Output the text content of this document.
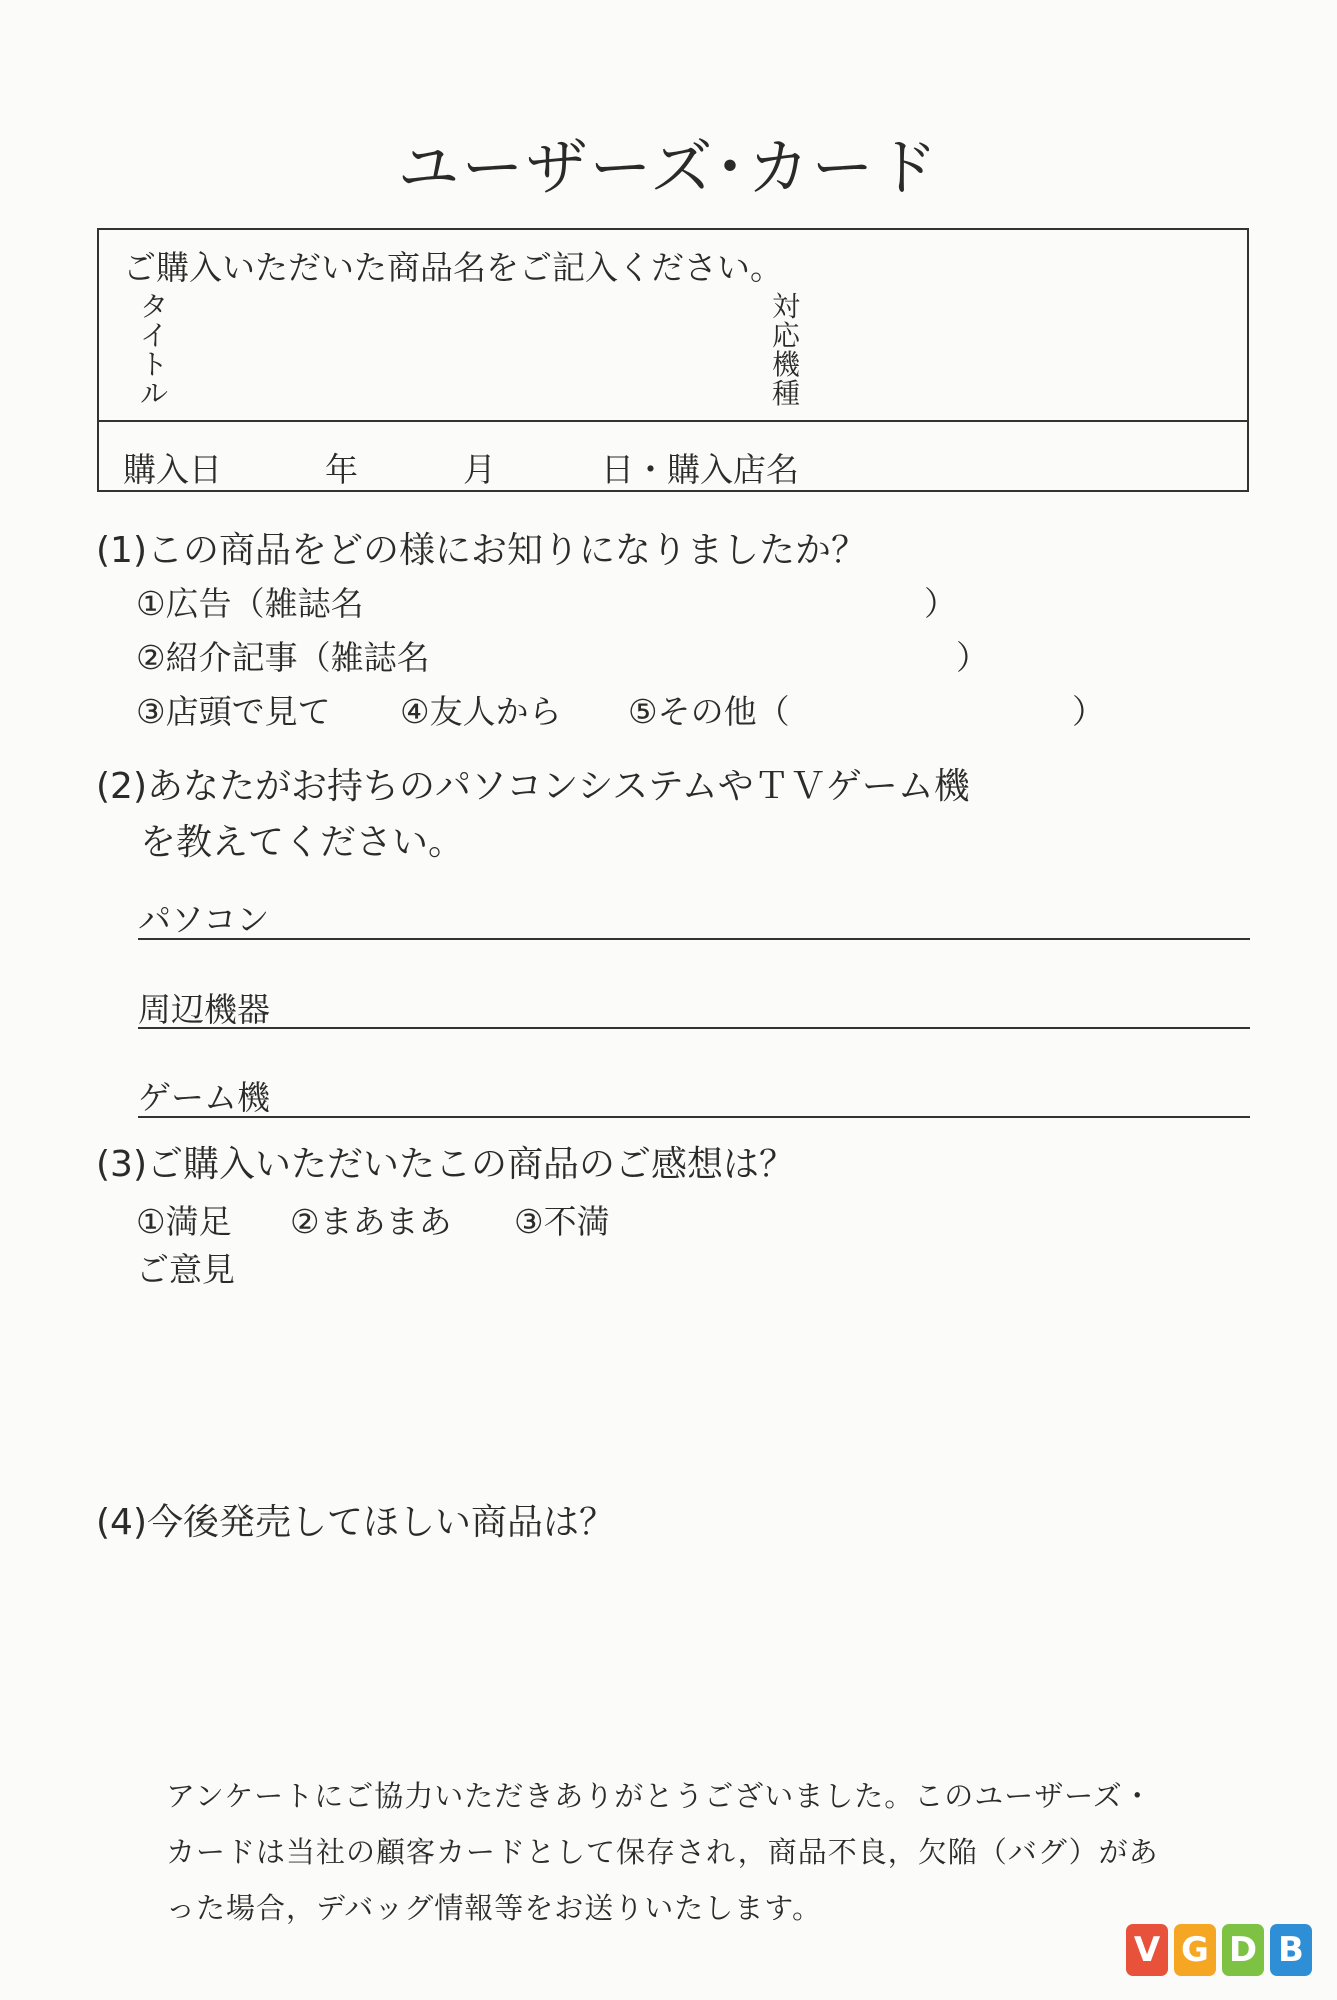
ユーザーズ･カード
ご購入いただいた商品名をご記入ください。
タイトル
対応機種
購入日	年	月	日・購入店名
(1)この商品をどの様にお知りになりましたか？
①広告（雑誌名	）
②紹介記事（雑誌名	）
③店頭で見て ④友人から ⑤その他（	）
(2)あなたがお持ちのパソコンシステムやＴＶゲーム機
を教えてください。
パソコン
周辺機器
ゲーム機
(3)ご購入いただいたこの商品のご感想は？
①満足 ②まあまあ ③不満
ご意見
(4)今後発売してほしい商品は？
アンケートにご協力いただきありがとうございました。このユーザーズ・
カードは当社の顧客カードとして保存され，商品不良，欠陥（バグ）があ
った場合，デバッグ情報等をお送りいたします。
V G D B
